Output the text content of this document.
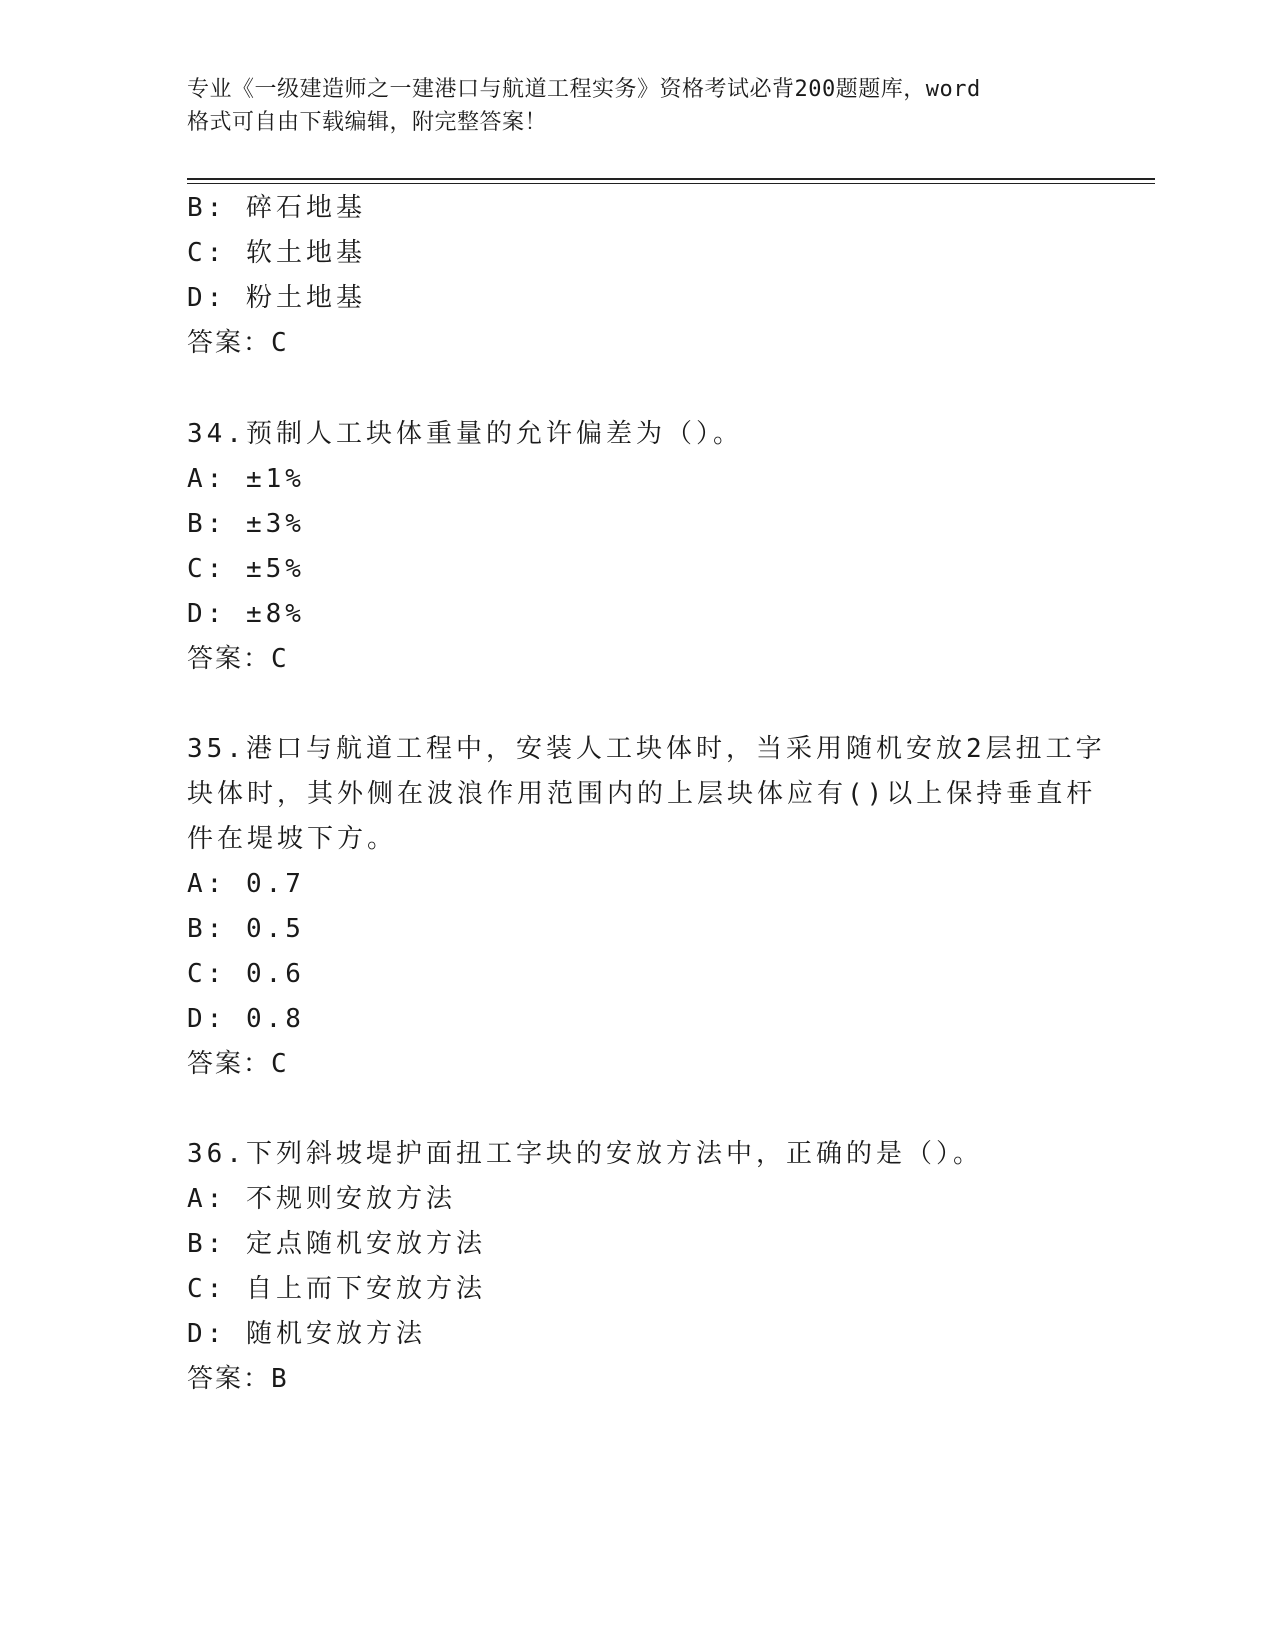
专业《一级建造师之一建港口与航道工程实务》资格考试必背200题题库，word
格式可自由下载编辑，附完整答案！
B: 碎石地基
C: 软土地基
D: 粉土地基
答案：C
34.预制人工块体重量的允许偏差为（）。
A: ±1%
B: ±3%
C: ±5%
D: ±8%
答案：C
35.港口与航道工程中，安装人工块体时，当采用随机安放2层扭工字
块体时，其外侧在波浪作用范围内的上层块体应有()以上保持垂直杆
件在堤坡下方。
A: 0.7
B: 0.5
C: 0.6
D: 0.8
答案：C
36.下列斜坡堤护面扭工字块的安放方法中，正确的是（）。
A: 不规则安放方法
B: 定点随机安放方法
C: 自上而下安放方法
D: 随机安放方法
答案：B
